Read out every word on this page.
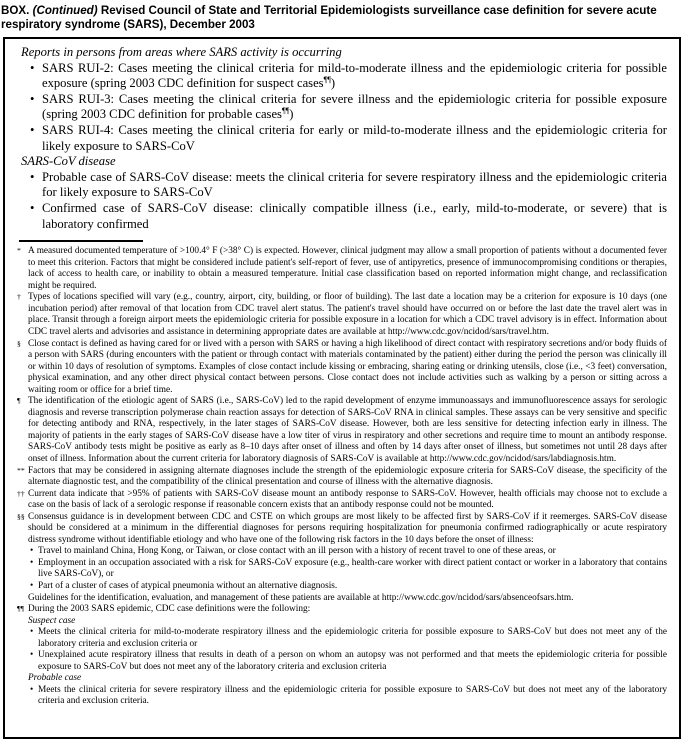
BOX. (Continued) Revised Council of State and Territorial Epidemiologists surveillance case definition for severe acute respiratory syndrome (SARS), December 2003
Reports in persons from areas where SARS activity is occurring
• SARS RUI-2: Cases meeting the clinical criteria for mild-to-moderate illness and the epidemiologic criteria for possible exposure (spring 2003 CDC definition for suspect cases¶¶)
• SARS RUI-3: Cases meeting the clinical criteria for severe illness and the epidemiologic criteria for possible exposure (spring 2003 CDC definition for probable cases¶¶)
• SARS RUI-4: Cases meeting the clinical criteria for early or mild-to-moderate illness and the epidemiologic criteria for likely exposure to SARS-CoV
SARS-CoV disease
• Probable case of SARS-CoV disease: meets the clinical criteria for severe respiratory illness and the epidemiologic criteria for likely exposure to SARS-CoV
• Confirmed case of SARS-CoV disease: clinically compatible illness (i.e., early, mild-to-moderate, or severe) that is laboratory confirmed
* A measured documented temperature of >100.4° F (>38° C) is expected. However, clinical judgment may allow a small proportion of patients without a documented fever to meet this criterion. Factors that might be considered include patient's self-report of fever, use of antipyretics, presence of immunocompromising conditions or therapies, lack of access to health care, or inability to obtain a measured temperature. Initial case classification based on reported information might change, and reclassification might be required.
† Types of locations specified will vary (e.g., country, airport, city, building, or floor of building). The last date a location may be a criterion for exposure is 10 days (one incubation period) after removal of that location from CDC travel alert status. The patient's travel should have occurred on or before the last date the travel alert was in place. Transit through a foreign airport meets the epidemiologic criteria for possible exposure in a location for which a CDC travel advisory is in effect. Information about CDC travel alerts and advisories and assistance in determining appropriate dates are available at http://www.cdc.gov/ncidod/sars/travel.htm.
§ Close contact is defined as having cared for or lived with a person with SARS or having a high likelihood of direct contact with respiratory secretions and/or body fluids of a person with SARS (during encounters with the patient or through contact with materials contaminated by the patient) either during the period the person was clinically ill or within 10 days of resolution of symptoms. Examples of close contact include kissing or embracing, sharing eating or drinking utensils, close (i.e., <3 feet) conversation, physical examination, and any other direct physical contact between persons. Close contact does not include activities such as walking by a person or sitting across a waiting room or office for a brief time.
¶ The identification of the etiologic agent of SARS (i.e., SARS-CoV) led to the rapid development of enzyme immunoassays and immunofluorescence assays for serologic diagnosis and reverse transcription polymerase chain reaction assays for detection of SARS-CoV RNA in clinical samples. These assays can be very sensitive and specific for detecting antibody and RNA, respectively, in the later stages of SARS-CoV disease. However, both are less sensitive for detecting infection early in illness. The majority of patients in the early stages of SARS-CoV disease have a low titer of virus in respiratory and other secretions and require time to mount an antibody response. SARS-CoV antibody tests might be positive as early as 8–10 days after onset of illness and often by 14 days after onset of illness, but sometimes not until 28 days after onset of illness. Information about the current criteria for laboratory diagnosis of SARS-CoV is available at http://www.cdc.gov/ncidod/sars/labdiagnosis.htm.
** Factors that may be considered in assigning alternate diagnoses include the strength of the epidemiologic exposure criteria for SARS-CoV disease, the specificity of the alternate diagnostic test, and the compatibility of the clinical presentation and course of illness with the alternative diagnosis.
†† Current data indicate that >95% of patients with SARS-CoV disease mount an antibody response to SARS-CoV. However, health officials may choose not to exclude a case on the basis of lack of a serologic response if reasonable concern exists that an antibody response could not be mounted.
§§ Consensus guidance is in development between CDC and CSTE on which groups are most likely to be affected first by SARS-CoV if it reemerges. SARS-CoV disease should be considered at a minimum in the differential diagnoses for persons requiring hospitalization for pneumonia confirmed radiographically or acute respiratory distress syndrome without identifiable etiology and who have one of the following risk factors in the 10 days before the onset of illness:
• Travel to mainland China, Hong Kong, or Taiwan, or close contact with an ill person with a history of recent travel to one of these areas, or
• Employment in an occupation associated with a risk for SARS-CoV exposure (e.g., health-care worker with direct patient contact or worker in a laboratory that contains live SARS-CoV), or
• Part of a cluster of cases of atypical pneumonia without an alternative diagnosis.
Guidelines for the identification, evaluation, and management of these patients are available at http://www.cdc.gov/ncidod/sars/absenceofsars.htm.
¶¶ During the 2003 SARS epidemic, CDC case definitions were the following:
Suspect case
• Meets the clinical criteria for mild-to-moderate respiratory illness and the epidemiologic criteria for possible exposure to SARS-CoV but does not meet any of the laboratory criteria and exclusion criteria or
• Unexplained acute respiratory illness that results in death of a person on whom an autopsy was not performed and that meets the epidemiologic criteria for possible exposure to SARS-CoV but does not meet any of the laboratory criteria and exclusion criteria
Probable case
• Meets the clinical criteria for severe respiratory illness and the epidemiologic criteria for possible exposure to SARS-CoV but does not meet any of the laboratory criteria and exclusion criteria.
